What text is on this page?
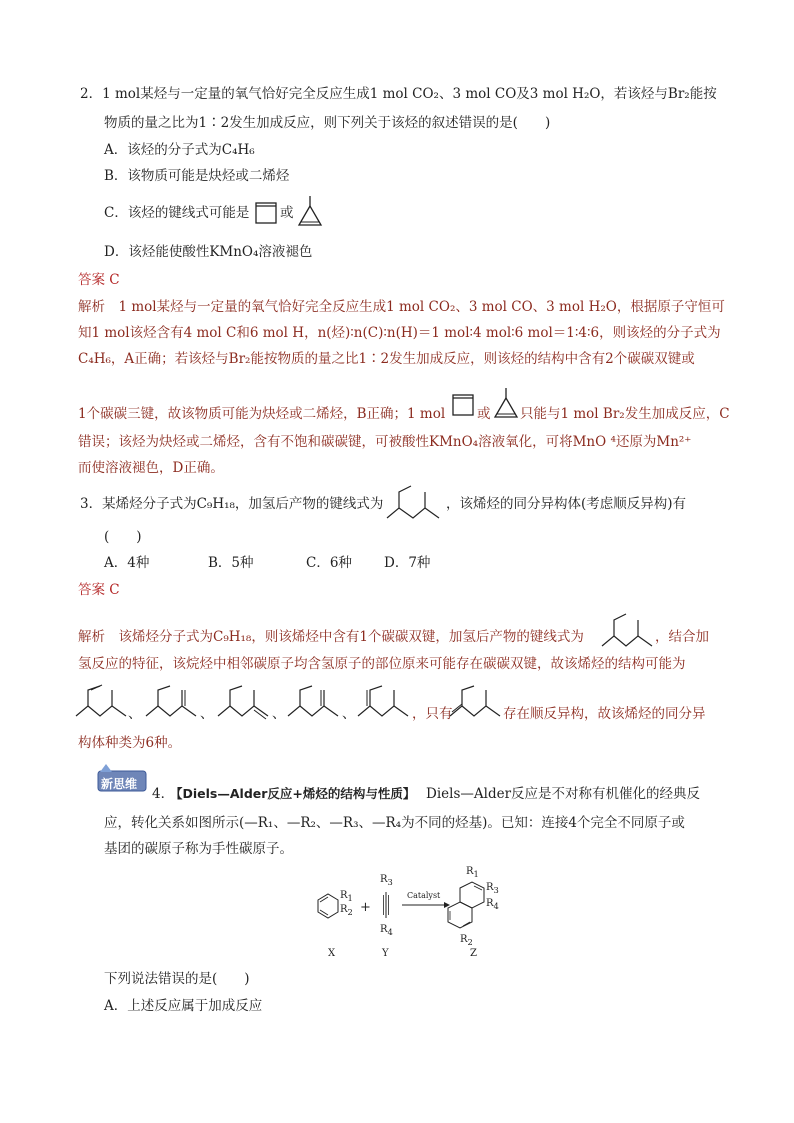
2．1 mol某烃与一定量的氧气恰好完全反应生成1 mol CO₂、3 mol CO及3 mol H₂O，若该烃与Br₂能按
物质的量之比为1∶2发生加成反应，则下列关于该烃的叙述错误的是(　　)
A．该烃的分子式为C₄H₆
B．该物质可能是炔烃或二烯烃
C．该烃的键线式可能是 或
D．该烃能使酸性KMnO₄溶液褪色
答案 C
解析　1 mol某烃与一定量的氧气恰好完全反应生成1 mol CO₂、3 mol CO、3 mol H₂O，根据原子守恒可
知1 mol该烃含有4 mol C和6 mol H，n(烃)∶n(C)∶n(H)＝1 mol∶4 mol∶6 mol＝1∶4∶6，则该烃的分子式为
C₄H₆，A正确；若该烃与Br₂能按物质的量之比1∶2发生加成反应，则该烃的结构中含有2个碳碳双键或
1个碳碳三键，故该物质可能为炔烃或二烯烃，B正确；1 mol 或 只能与1 mol Br₂发生加成反应，C
错误；该烃为炔烃或二烯烃，含有不饱和碳碳键，可被酸性KMnO₄溶液氧化，可将MnO ⁴还原为Mn²⁺
而使溶液褪色，D正确。
3．某烯烃分子式为C₉H₁₈，加氢后产物的键线式为	，该烯烃的同分异构体(考虑顺反异构)有
(　　)
A．4种	B．5种	C．6种 D．7种
答案 C
解析　该烯烃分子式为C₉H₁₈，则该烯烃中含有1个碳碳双键，加氢后产物的键线式为	，结合加
氢反应的特征，该烷烃中相邻碳原子均含氢原子的部位原来可能存在碳碳双键，故该烯烃的结构可能为
、	、	、	、	，只有	存在顺反异构，故该烯烃的同分异
构体种类为6种。
新思维
4．
【Diels—Alder反应+烯烃的结构与性质】 Diels—Alder反应是不对称有机催化的经典反
应，转化关系如图所示(—R₁、—R₂、—R₃、—R₄为不同的烃基)。已知：连接4个完全不同原子或
基团的碳原子称为手性碳原子。
$R_1$
$R_2$ +
$R_3$
$R_4$
Catalyst
$R_1$
$R_3$
$R_4$
$R_2$
X	Y	Z
下列说法错误的是(　　)
A．上述反应属于加成反应
